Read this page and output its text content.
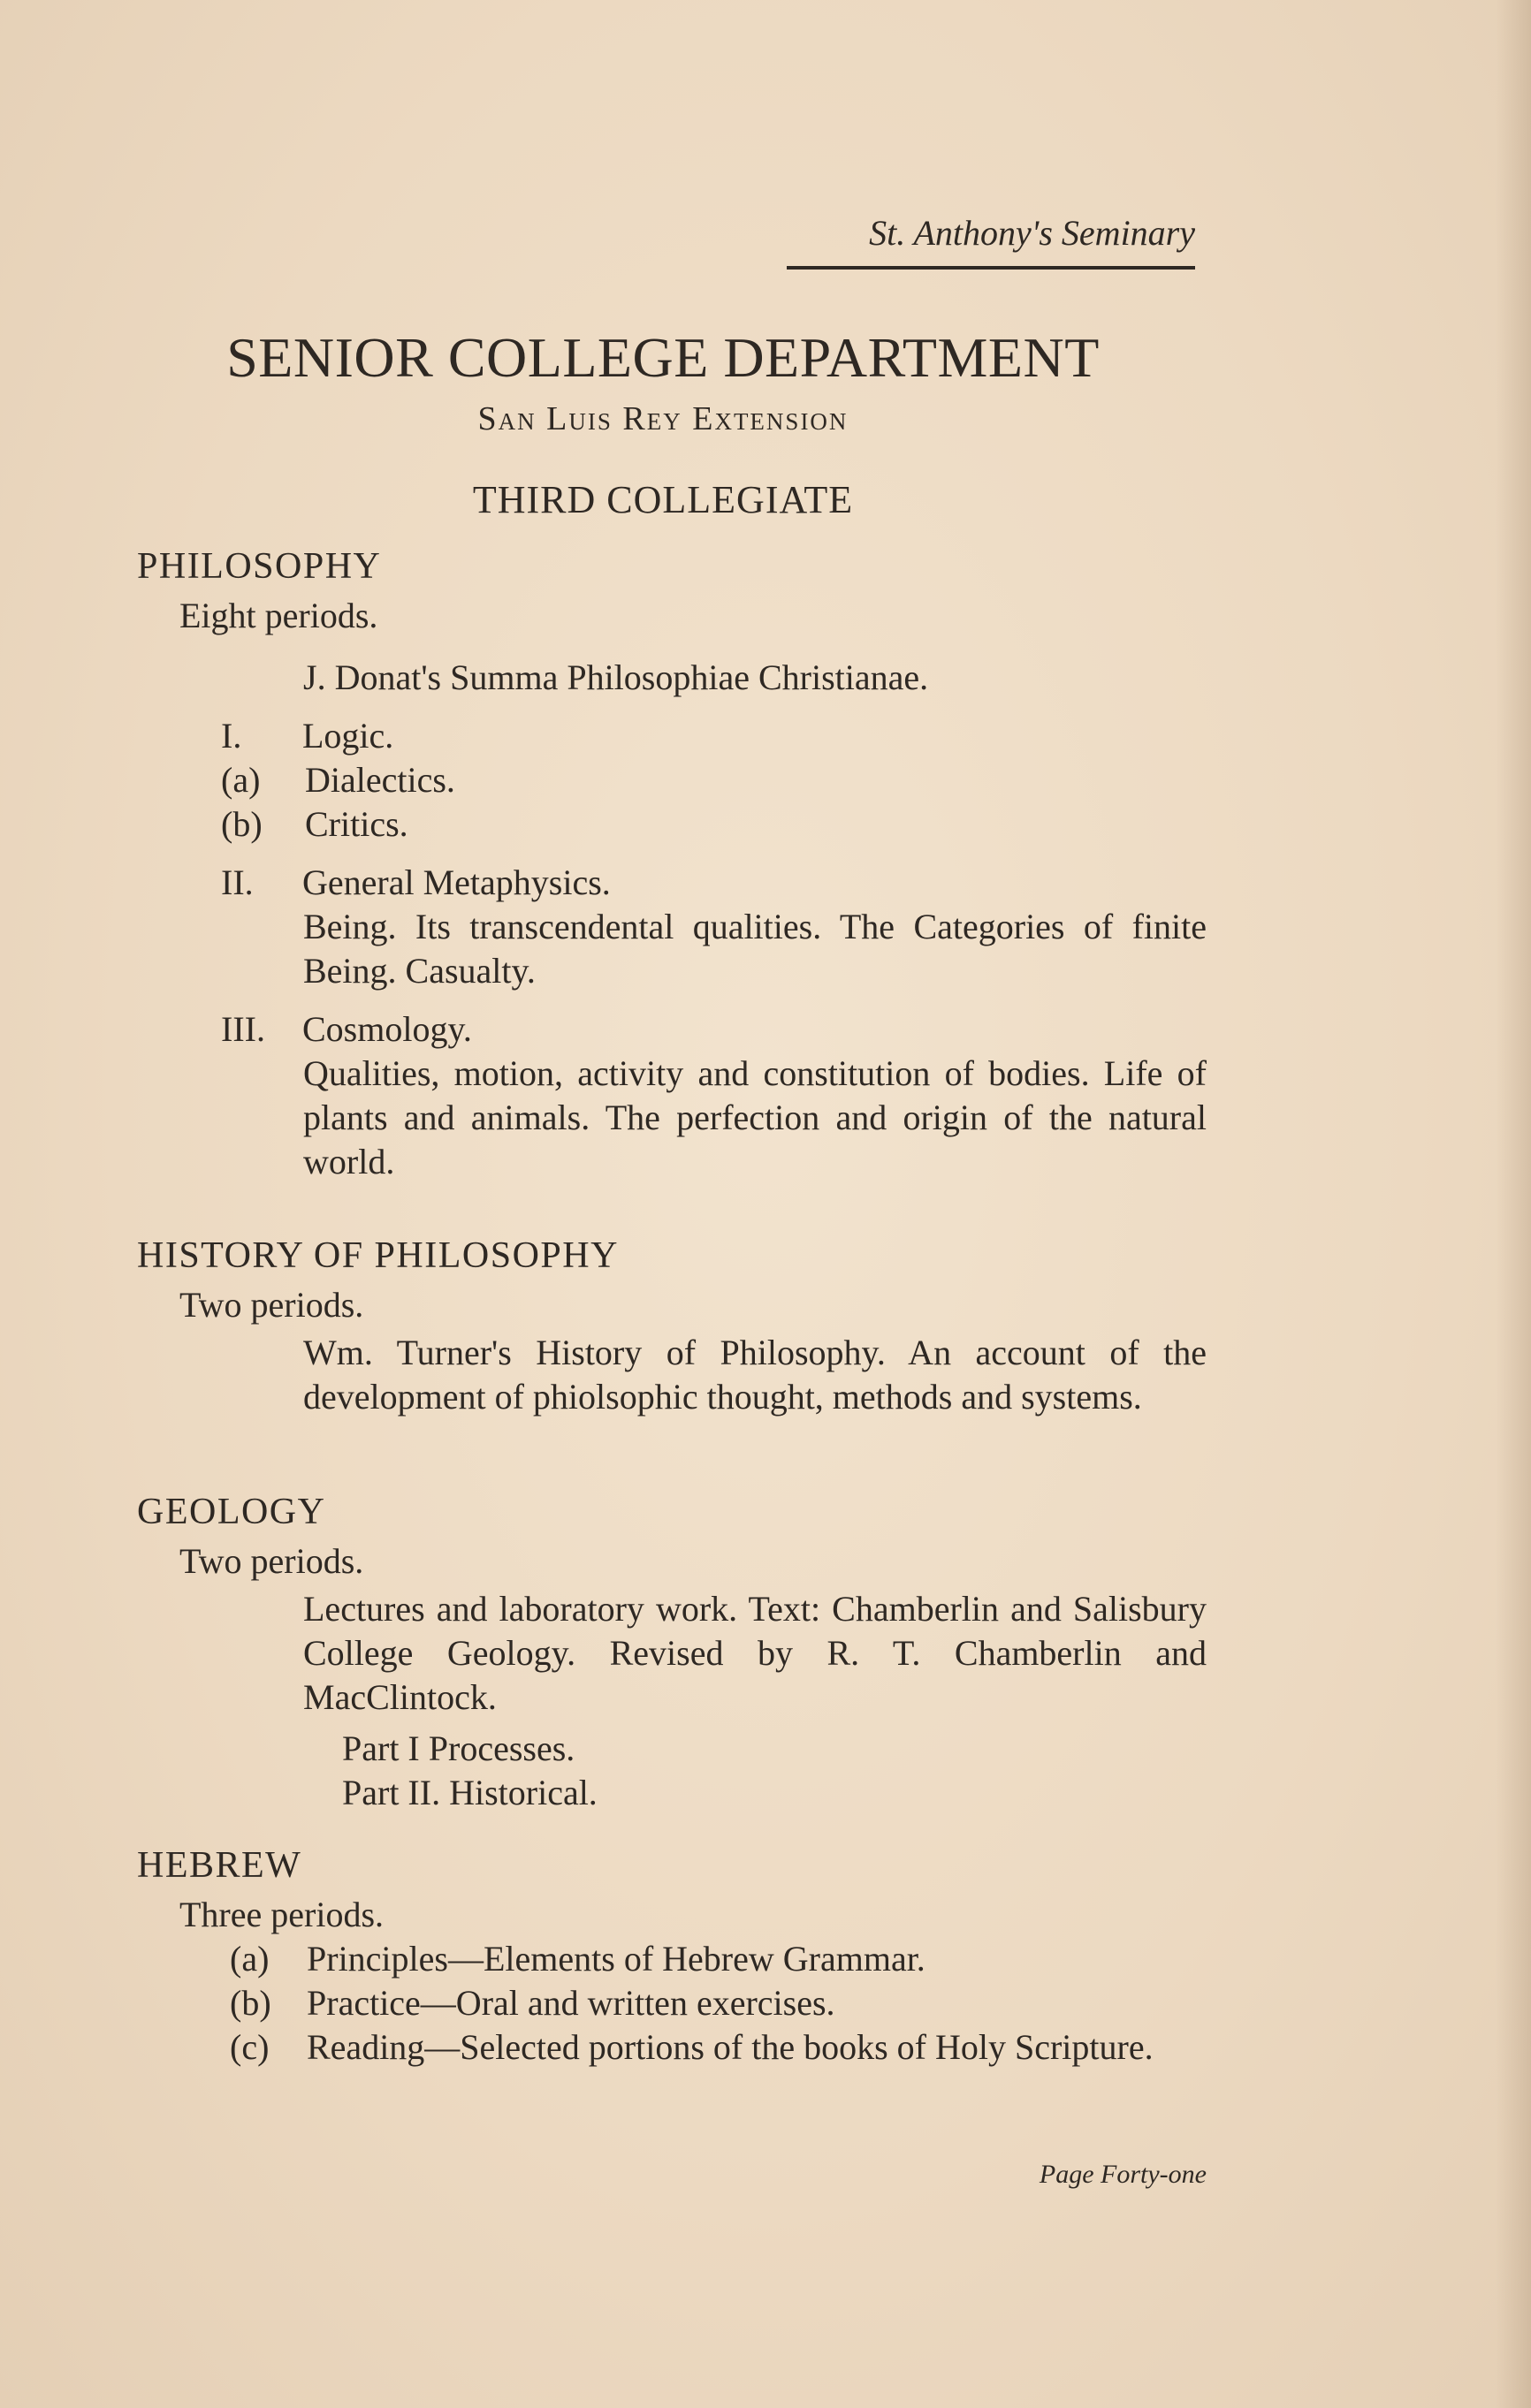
St. Anthony's Seminary
SENIOR COLLEGE DEPARTMENT
San Luis Rey Extension
THIRD COLLEGIATE
PHILOSOPHY
Eight periods.
J. Donat's Summa Philosophiae Christianae.
I.	Logic.
(a)	Dialectics.
(b)	Critics.
II.	General Metaphysics.
Being. Its transcendental qualities. The Categories of finite Being. Casualty.
III.	Cosmology.
Qualities, motion, activity and constitution of bodies. Life of plants and animals. The perfection and origin of the natural world.
HISTORY OF PHILOSOPHY
Two periods.
Wm. Turner's History of Philosophy. An account of the development of phiolsophic thought, methods and systems.
GEOLOGY
Two periods.
Lectures and laboratory work. Text: Chamberlin and Salisbury College Geology. Revised by R. T. Chamberlin and MacClintock.
Part I Processes.
Part II. Historical.
HEBREW
Three periods.
(a)	Principles—Elements of Hebrew Grammar.
(b)	Practice—Oral and written exercises.
(c)	Reading—Selected portions of the books of Holy Scripture.
Page Forty-one
